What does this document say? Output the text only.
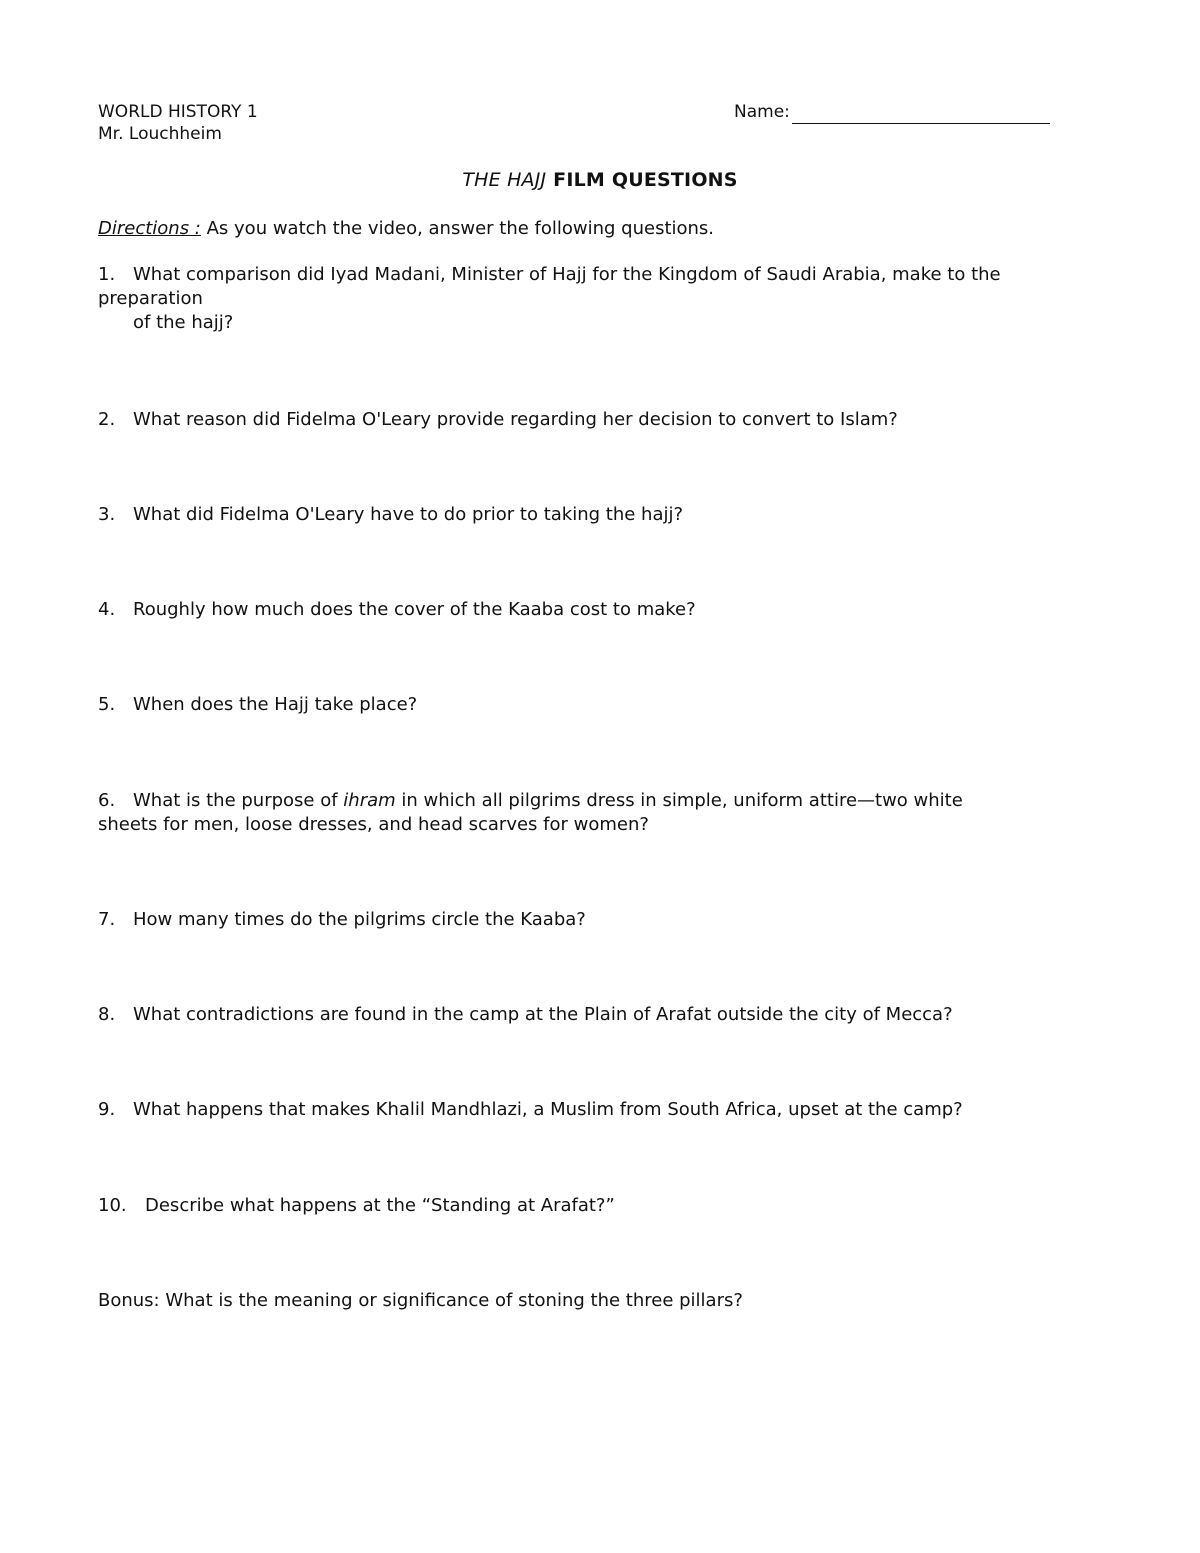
WORLD HISTORY 1
Mr. Louchheim
Name:
THE HAJJ FILM QUESTIONS
Directions : As you watch the video, answer the following questions.
1. What comparison did Iyad Madani, Minister of Hajj for the Kingdom of Saudi Arabia, make to the
preparation
of the hajj?
2. What reason did Fidelma O'Leary provide regarding her decision to convert to Islam?
3. What did Fidelma O'Leary have to do prior to taking the hajj?
4. Roughly how much does the cover of the Kaaba cost to make?
5. When does the Hajj take place?
6. What is the purpose of ihram in which all pilgrims dress in simple, uniform attire—two white
sheets for men, loose dresses, and head scarves for women?
7. How many times do the pilgrims circle the Kaaba?
8. What contradictions are found in the camp at the Plain of Arafat outside the city of Mecca?
9. What happens that makes Khalil Mandhlazi, a Muslim from South Africa, upset at the camp?
10. Describe what happens at the “Standing at Arafat?”
Bonus: What is the meaning or significance of stoning the three pillars?
